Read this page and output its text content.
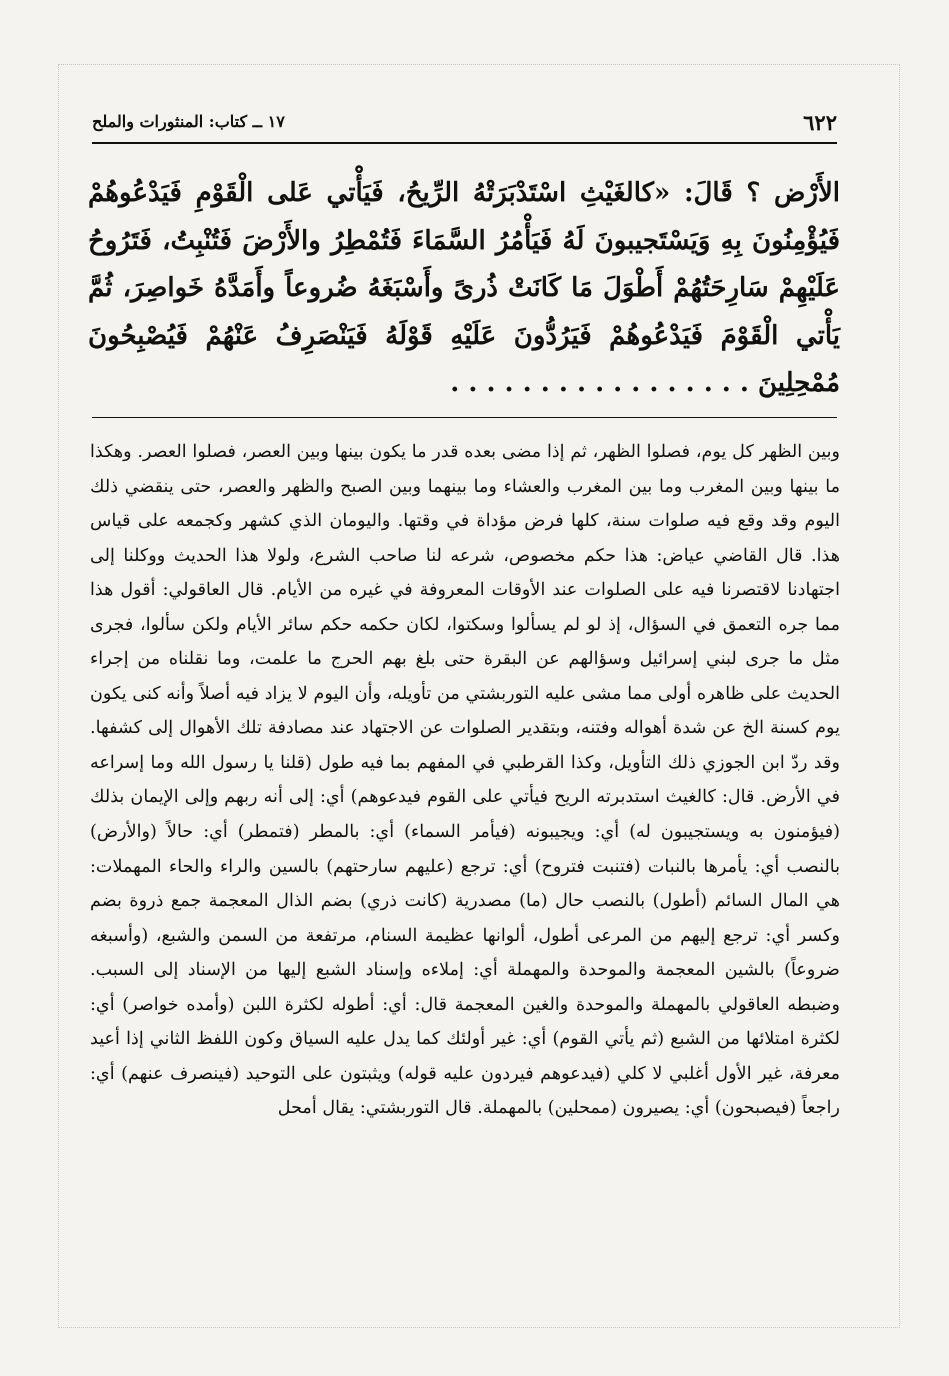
٦٢٢
١٧ ــ كتاب: المنثورات والملح
الأَرْض ؟ قَالَ: «كالغَيْثِ اسْتَدْبَرَتْهُ الرِّيحُ، فَيَأْتي عَلى الْقَوْمِ فَيَدْعُوهُمْ فَيُؤْمِنُونَ بِهِ وَيَسْتَجيبونَ لَهُ فَيَأْمُرُ السَّمَاءَ فَتُمْطِرُ والأَرْضَ فَتُنْبِتُ، فَتَرُوحُ عَلَيْهِمْ سَارِحَتُهُمْ أَطْوَلَ مَا كَانَتْ ذُرىً وأَسْبَغَهُ ضُروعاً وأَمَدَّهُ خَواصِرَ، ثُمَّ يَأْتي الْقَوْمَ فَيَدْعُوهُمْ فَيَرُدُّونَ عَلَيْهِ قَوْلَهُ فَيَنْصَرِفُ عَنْهُمْ فَيُصْبِحُونَ مُمْحِلِينَ . . . . . . . . . . . . . . . . .

وبين الظهر كل يوم، فصلوا الظهر، ثم إذا مضى بعده قدر ما يكون بينها وبين العصر، فصلوا العصر. وهكذا ما بينها وبين المغرب وما بين المغرب والعشاء وما بينهما وبين الصبح والظهر والعصر، حتى ينقضي ذلك اليوم وقد وقع فيه صلوات سنة، كلها فرض مؤداة في وقتها. واليومان الذي كشهر وكجمعه على قياس هذا. قال القاضي عياض: هذا حكم مخصوص، شرعه لنا صاحب الشرع، ولولا هذا الحديث ووكلنا إلى اجتهادنا لاقتصرنا فيه على الصلوات عند الأوقات المعروفة في غيره من الأيام. قال العاقولي: أقول هذا مما جره التعمق في السؤال، إذ لو لم يسألوا وسكتوا، لكان حكمه حكم سائر الأيام ولكن سألوا، فجرى مثل ما جرى لبني إسرائيل وسؤالهم عن البقرة حتى بلغ بهم الحرج ما علمت، وما نقلناه من إجراء الحديث على ظاهره أولى مما مشى عليه التوربشتي من تأويله، وأن اليوم لا يزاد فيه أصلاً وأنه كنى يكون يوم كسنة الخ عن شدة أهواله وفتنه، وبتقدير الصلوات عن الاجتهاد عند مصادفة تلك الأهوال إلى كشفها. وقد ردّ ابن الجوزي ذلك التأويل، وكذا القرطبي في المفهم بما فيه طول (قلنا يا رسول الله وما إسراعه في الأرض. قال: كالغيث استدبرته الريح فيأتي على القوم فيدعوهم) أي: إلى أنه ربهم وإلى الإيمان بذلك (فيؤمنون به ويستجيبون له) أي: ويجيبونه (فيأمر السماء) أي: بالمطر (فتمطر) أي: حالاً (والأرض) بالنصب أي: يأمرها بالنبات (فتنبت فتروح) أي: ترجع (عليهم سارحتهم) بالسين والراء والحاء المهملات: هي المال السائم (أطول) بالنصب حال (ما) مصدرية (كانت ذري) بضم الذال المعجمة جمع ذروة بضم وكسر أي: ترجع إليهم من المرعى أطول، ألوانها عظيمة السنام، مرتفعة من السمن والشبع، (وأسبغه ضروعاً) بالشين المعجمة والموحدة والمهملة أي: إملاءه وإسناد الشبع إليها من الإسناد إلى السبب. وضبطه العاقولي بالمهملة والموحدة والغين المعجمة قال: أي: أطوله لكثرة اللبن (وأمده خواصر) أي: لكثرة امتلائها من الشبع (ثم يأتي القوم) أي: غير أولئك كما يدل عليه السياق وكون اللفظ الثاني إذا أعيد معرفة، غير الأول أغلبي لا كلي (فيدعوهم فيردون عليه قوله) ويثبتون على التوحيد (فينصرف عنهم) أي: راجعاً (فيصبحون) أي: يصيرون (ممحلين) بالمهملة. قال التوربشتي: يقال أمحل
